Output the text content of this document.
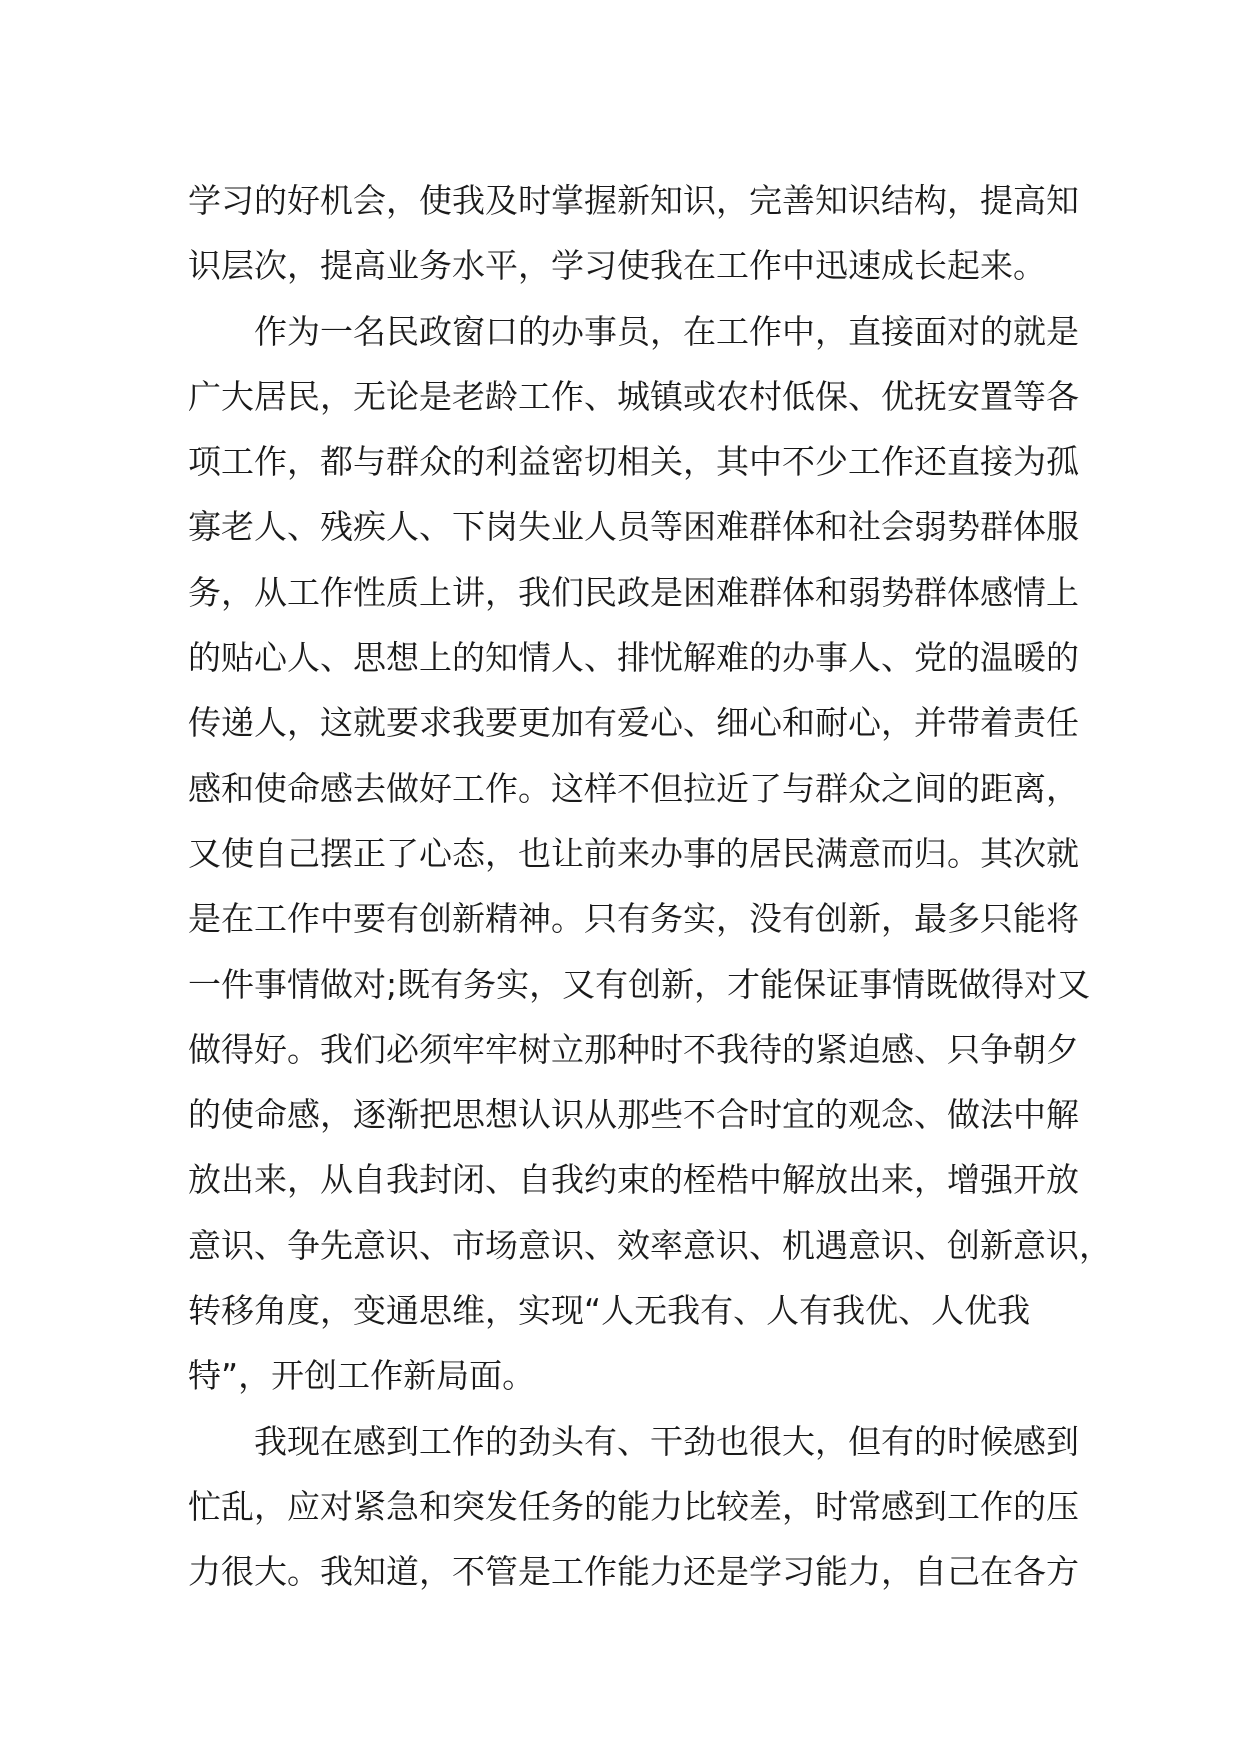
学习的好机会，使我及时掌握新知识，完善知识结构，提高知
识层次，提高业务水平，学习使我在工作中迅速成长起来。
作为一名民政窗口的办事员，在工作中，直接面对的就是
广大居民，无论是老龄工作、城镇或农村低保、优抚安置等各
项工作，都与群众的利益密切相关，其中不少工作还直接为孤
寡老人、残疾人、下岗失业人员等困难群体和社会弱势群体服
务，从工作性质上讲，我们民政是困难群体和弱势群体感情上
的贴心人、思想上的知情人、排忧解难的办事人、党的温暖的
传递人，这就要求我要更加有爱心、细心和耐心，并带着责任
感和使命感去做好工作。这样不但拉近了与群众之间的距离，
又使自己摆正了心态，也让前来办事的居民满意而归。其次就
是在工作中要有创新精神。只有务实，没有创新，最多只能将
一件事情做对;既有务实，又有创新，才能保证事情既做得对又
做得好。我们必须牢牢树立那种时不我待的紧迫感、只争朝夕
的使命感，逐渐把思想认识从那些不合时宜的观念、做法中解
放出来，从自我封闭、自我约束的桎梏中解放出来，增强开放
意识、争先意识、市场意识、效率意识、机遇意识、创新意识，
转移角度，变通思维，实现“人无我有、人有我优、人优我
特”，开创工作新局面。
我现在感到工作的劲头有、干劲也很大，但有的时候感到
忙乱，应对紧急和突发任务的能力比较差，时常感到工作的压
力很大。我知道，不管是工作能力还是学习能力，自己在各方
